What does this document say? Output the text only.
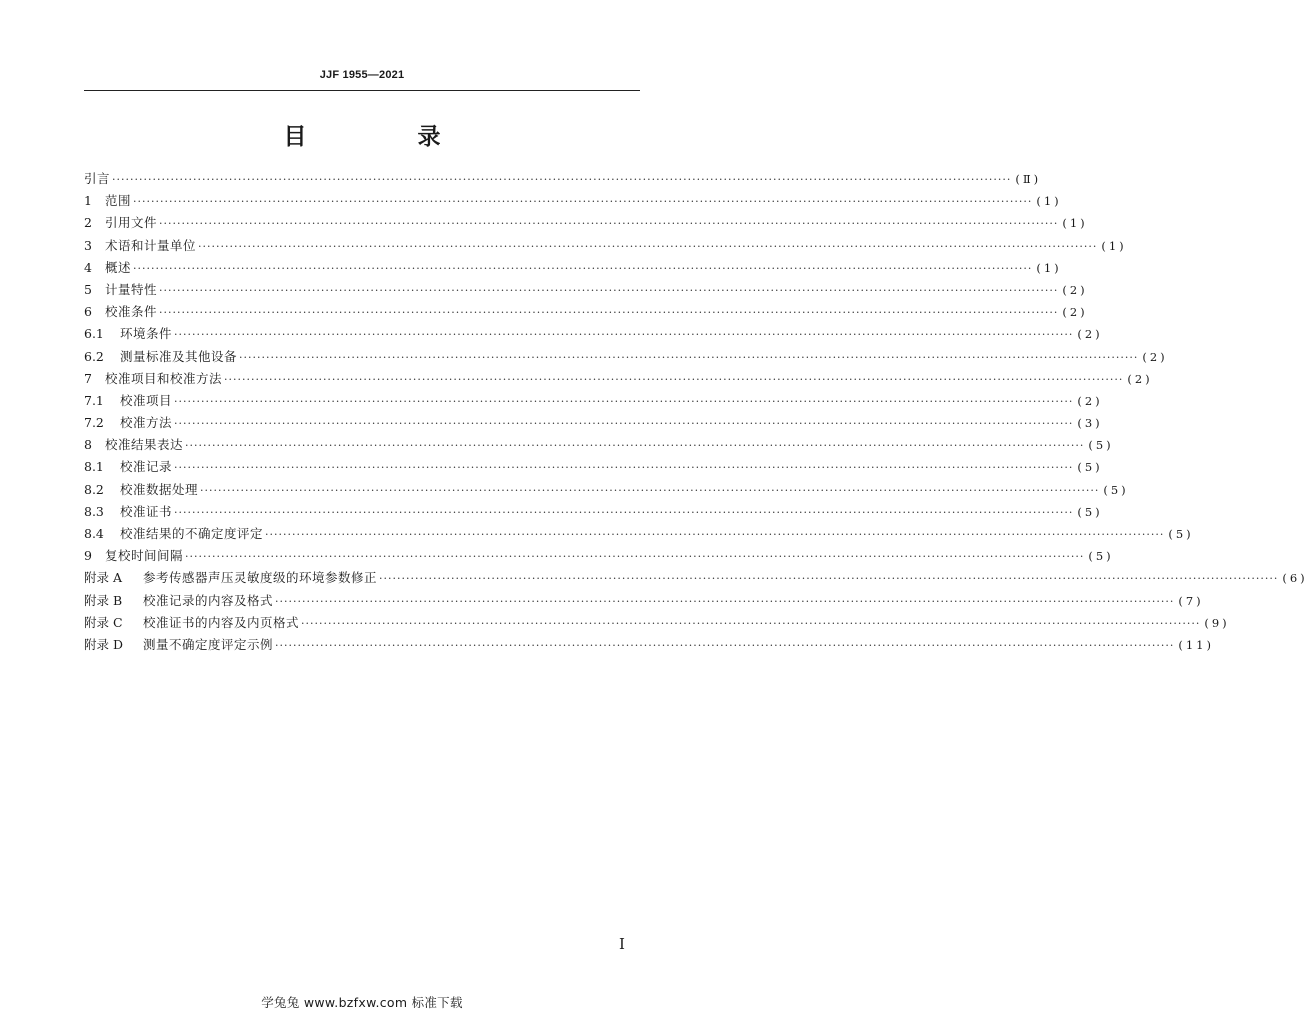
JJF 1955—2021
目　录
引言 ········································································································································································································ (Ⅱ)
1	范围 ········································································································································································································ (1)
2	引用文件 ········································································································································································································ (1)
3	术语和计量单位 ········································································································································································································ (1)
4	概述 ········································································································································································································ (1)
5	计量特性 ········································································································································································································ (2)
6	校准条件 ········································································································································································································ (2)
6.1	环境条件 ········································································································································································································ (2)
6.2	测量标准及其他设备 ········································································································································································································ (2)
7	校准项目和校准方法 ········································································································································································································ (2)
7.1	校准项目 ········································································································································································································ (2)
7.2	校准方法 ········································································································································································································ (3)
8	校准结果表达 ········································································································································································································ (5)
8.1	校准记录 ········································································································································································································ (5)
8.2	校准数据处理 ········································································································································································································ (5)
8.3	校准证书 ········································································································································································································ (5)
8.4	校准结果的不确定度评定 ········································································································································································································ (5)
9	复校时间间隔 ········································································································································································································ (5)
附录 A	参考传感器声压灵敏度级的环境参数修正 ········································································································································································································ (6)
附录 B	校准记录的内容及格式 ········································································································································································································ (7)
附录 C	校准证书的内容及内页格式 ········································································································································································································ (9)
附录 D	测量不确定度评定示例 ········································································································································································································ (11)
I
学兔兔 www.bzfxw.com 标准下载
